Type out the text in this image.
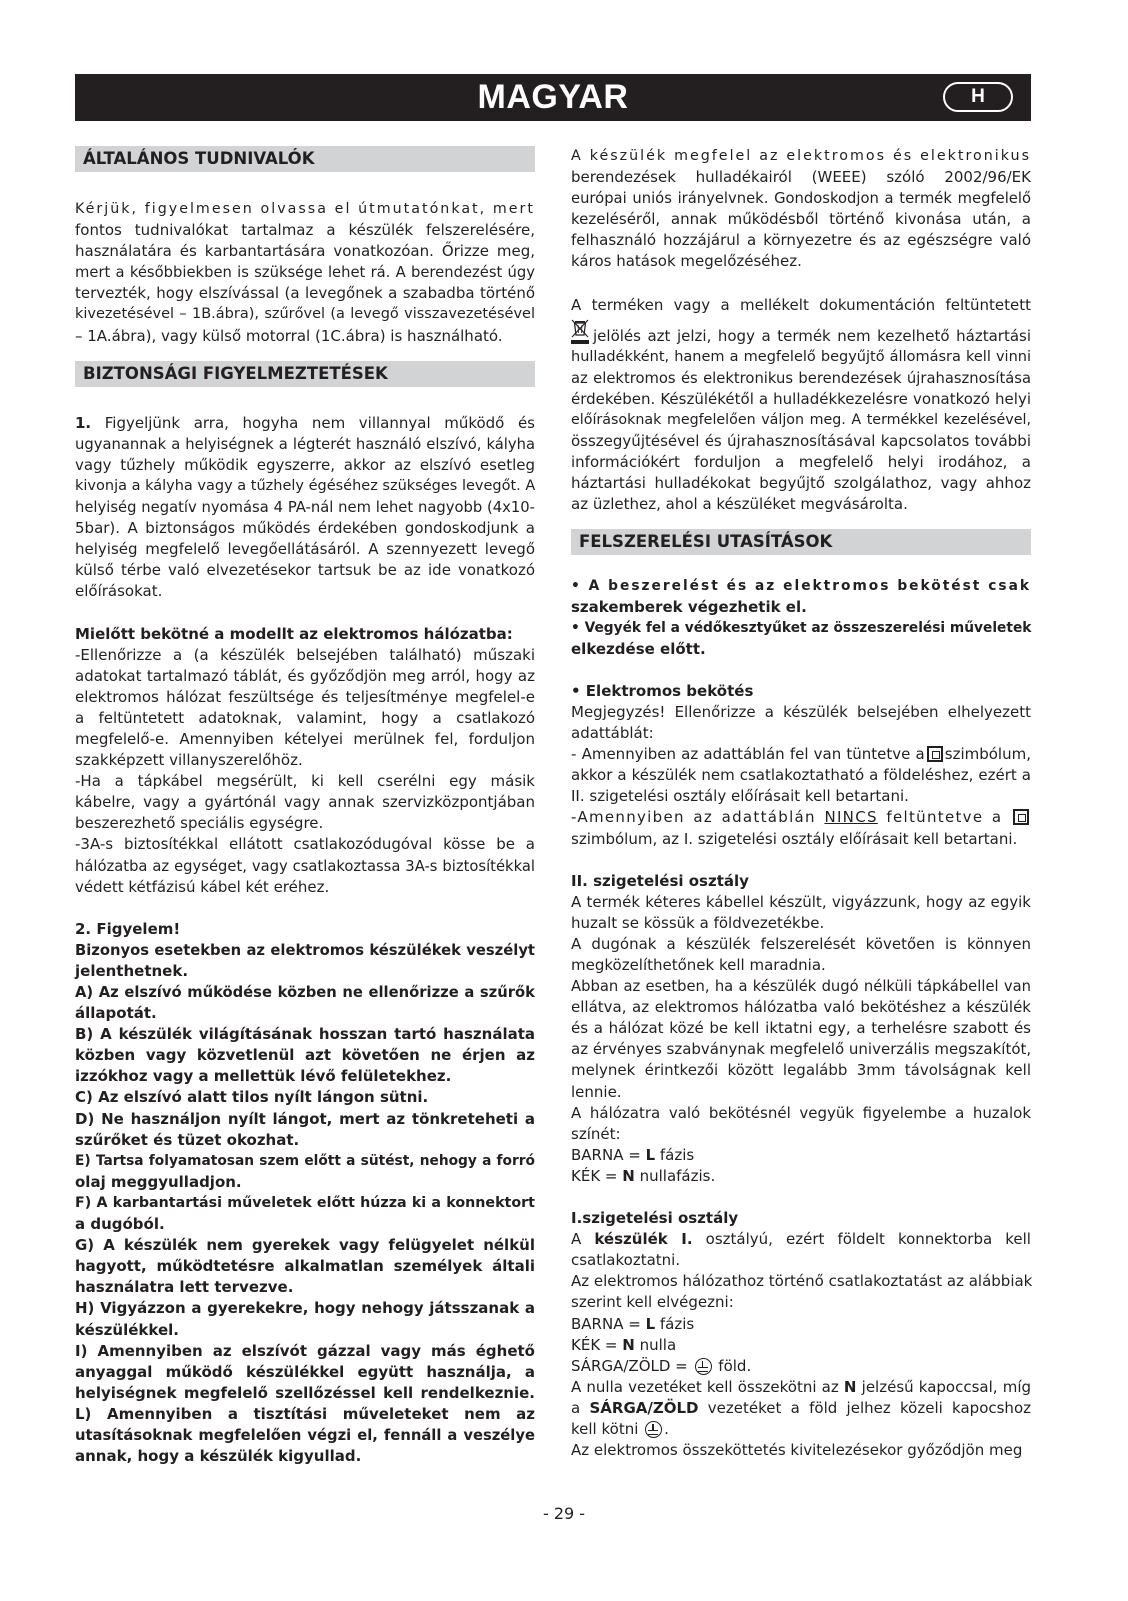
MAGYAR	H
ÁLTALÁNOS TUDNIVALÓK
Kérjük, figyelmesen olvassa el útmutatónkat, mert
fontos tudnivalókat tartalmaz a készülék felszerelésére,
használatára és karbantartására vonatkozóan. Őrizze meg,
mert a későbbiekben is szüksége lehet rá. A berendezést úgy
tervezték, hogy elszívással (a levegőnek a szabadba történő
kivezetésével – 1B.ábra), szűrővel (a levegő visszavezetésével
– 1A.ábra), vagy külső motorral (1C.ábra) is használható.
BIZTONSÁGI FIGYELMEZTETÉSEK
1. Figyeljünk arra, hogyha nem villannyal működő és
ugyanannak a helyiségnek a légterét használó elszívó, kályha
vagy tűzhely működik egyszerre, akkor az elszívó esetleg
kivonja a kályha vagy a tűzhely égéséhez szükséges levegőt. A
helyiség negatív nyomása 4 PA-nál nem lehet nagyobb (4x10-
5bar). A biztonságos működés érdekében gondoskodjunk a
helyiség megfelelő levegőellátásáról. A szennyezett levegő
külső térbe való elvezetésekor tartsuk be az ide vonatkozó
előírásokat.
Mielőtt bekötné a modellt az elektromos hálózatba:
-Ellenőrizze a (a készülék belsejében található) műszaki
adatokat tartalmazó táblát, és győződjön meg arról, hogy az
elektromos hálózat feszültsége és teljesítménye megfelel-e
a feltüntetett adatoknak, valamint, hogy a csatlakozó
megfelelő-e. Amennyiben kételyei merülnek fel, forduljon
szakképzett villanyszerelőhöz.
-Ha a tápkábel megsérült, ki kell cserélni egy másik
kábelre, vagy a gyártónál vagy annak szervizközpontjában
beszerezhető speciális egységre.
-3A-s biztosítékkal ellátott csatlakozódugóval kösse be a
hálózatba az egységet, vagy csatlakoztassa 3A-s biztosítékkal
védett kétfázisú kábel két eréhez.
2. Figyelem!
Bizonyos esetekben az elektromos készülékek veszélyt
jelenthetnek.
A) Az elszívó működése közben ne ellenőrizze a szűrők
állapotát.
B) A készülék világításának hosszan tartó használata
közben vagy közvetlenül azt követően ne érjen az
izzókhoz vagy a mellettük lévő felületekhez.
C) Az elszívó alatt tilos nyílt lángon sütni.
D) Ne használjon nyílt lángot, mert az tönkreteheti a
szűrőket és tüzet okozhat.
E) Tartsa folyamatosan szem előtt a sütést, nehogy a forró
olaj meggyulladjon.
F) A karbantartási műveletek előtt húzza ki a konnektort
a dugóból.
G) A készülék nem gyerekek vagy felügyelet nélkül
hagyott, működtetésre alkalmatlan személyek általi
használatra lett tervezve.
H) Vigyázzon a gyerekekre, hogy nehogy játsszanak a
készülékkel.
I) Amennyiben az elszívót gázzal vagy más éghető
anyaggal működő készülékkel együtt használja, a
helyiségnek megfelelő szellőzéssel kell rendelkeznie.
L) Amennyiben a tisztítási műveleteket nem az
utasításoknak megfelelően végzi el, fennáll a veszélye
annak, hogy a készülék kigyullad.
A készülék megfelel az elektromos és elektronikus
berendezések hulladékairól (WEEE) szóló 2002/96/EK
európai uniós irányelvnek. Gondoskodjon a termék megfelelő
kezeléséről, annak működésből történő kivonása után, a
felhasználó hozzájárul a környezetre és az egészségre való
káros hatások megelőzéséhez.
A terméken vagy a mellékelt dokumentáción feltüntetett
jelölés azt jelzi, hogy a termék nem kezelhető háztartási
hulladékként, hanem a megfelelő begyűjtő állomásra kell vinni
az elektromos és elektronikus berendezések újrahasznosítása
érdekében. Készülékétől a hulladékkezelésre vonatkozó helyi
előírásoknak megfelelően váljon meg. A termékkel kezelésével,
összegyűjtésével és újrahasznosításával kapcsolatos további
információkért forduljon a megfelelő helyi irodához, a
háztartási hulladékokat begyűjtő szolgálathoz, vagy ahhoz
az üzlethez, ahol a készüléket megvásárolta.
FELSZERELÉSI UTASÍTÁSOK
• A beszerelést és az elektromos bekötést csak
szakemberek végezhetik el.
• Vegyék fel a védőkesztyűket az összeszerelési műveletek
elkezdése előtt.
• Elektromos bekötés
Megjegyzés! Ellenőrizze a készülék belsejében elhelyezett
adattáblát:
- Amennyiben az adattáblán fel van tüntetve a szimbólum,
akkor a készülék nem csatlakoztatható a földeléshez, ezért a
II. szigetelési osztály előírásait kell betartani.
-Amennyiben az adattáblán NINCS feltüntetve a
szimbólum, az I. szigetelési osztály előírásait kell betartani.
II. szigetelési osztály
A termék kéteres kábellel készült, vigyázzunk, hogy az egyik
huzalt se kössük a földvezetékbe.
A dugónak a készülék felszerelését követően is könnyen
megközelíthetőnek kell maradnia.
Abban az esetben, ha a készülék dugó nélküli tápkábellel van
ellátva, az elektromos hálózatba való bekötéshez a készülék
és a hálózat közé be kell iktatni egy, a terhelésre szabott és
az érvényes szabványnak megfelelő univerzális megszakítót,
melynek érintkezői között legalább 3mm távolságnak kell
lennie.
A hálózatra való bekötésnél vegyük figyelembe a huzalok
színét:
BARNA = L fázis
KÉK = N nullafázis.
I.szigetelési osztály
A készülék I. osztályú, ezért földelt konnektorba kell
csatlakoztatni.
Az elektromos hálózathoz történő csatlakoztatást az alábbiak
szerint kell elvégezni:
BARNA = L fázis
KÉK = N nulla
SÁRGA/ZÖLD =  föld.
A nulla vezetéket kell összekötni az N jelzésű kapoccsal, míg
a SÁRGA/ZÖLD vezetéket a föld jelhez közeli kapocshoz
kell kötni .
Az elektromos összeköttetés kivitelezésekor győződjön meg
- 29 -
